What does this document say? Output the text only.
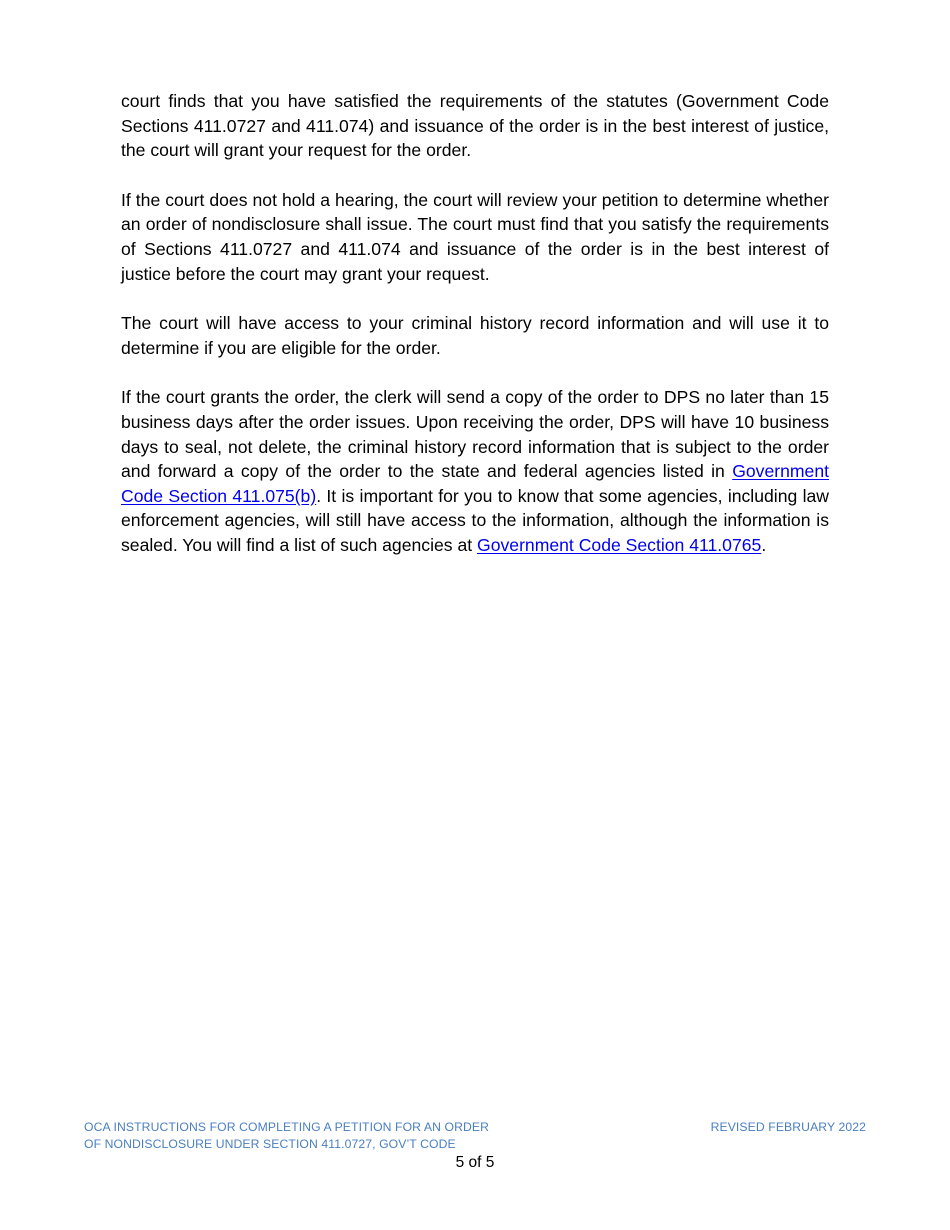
court finds that you have satisfied the requirements of the statutes (Government Code Sections 411.0727 and 411.074) and issuance of the order is in the best interest of justice, the court will grant your request for the order.

If the court does not hold a hearing, the court will review your petition to determine whether an order of nondisclosure shall issue. The court must find that you satisfy the requirements of Sections 411.0727 and 411.074 and issuance of the order is in the best interest of justice before the court may grant your request.

The court will have access to your criminal history record information and will use it to determine if you are eligible for the order.

If the court grants the order, the clerk will send a copy of the order to DPS no later than 15 business days after the order issues. Upon receiving the order, DPS will have 10 business days to seal, not delete, the criminal history record information that is subject to the order and forward a copy of the order to the state and federal agencies listed in Government Code Section 411.075(b). It is important for you to know that some agencies, including law enforcement agencies, will still have access to the information, although the information is sealed. You will find a list of such agencies at Government Code Section 411.0765.

OCA INSTRUCTIONS FOR COMPLETING A PETITION FOR AN ORDER
OF NONDISCLOSURE UNDER SECTION 411.0727, GOV’T CODE
REVISED FEBRUARY 2022
5 of 5
